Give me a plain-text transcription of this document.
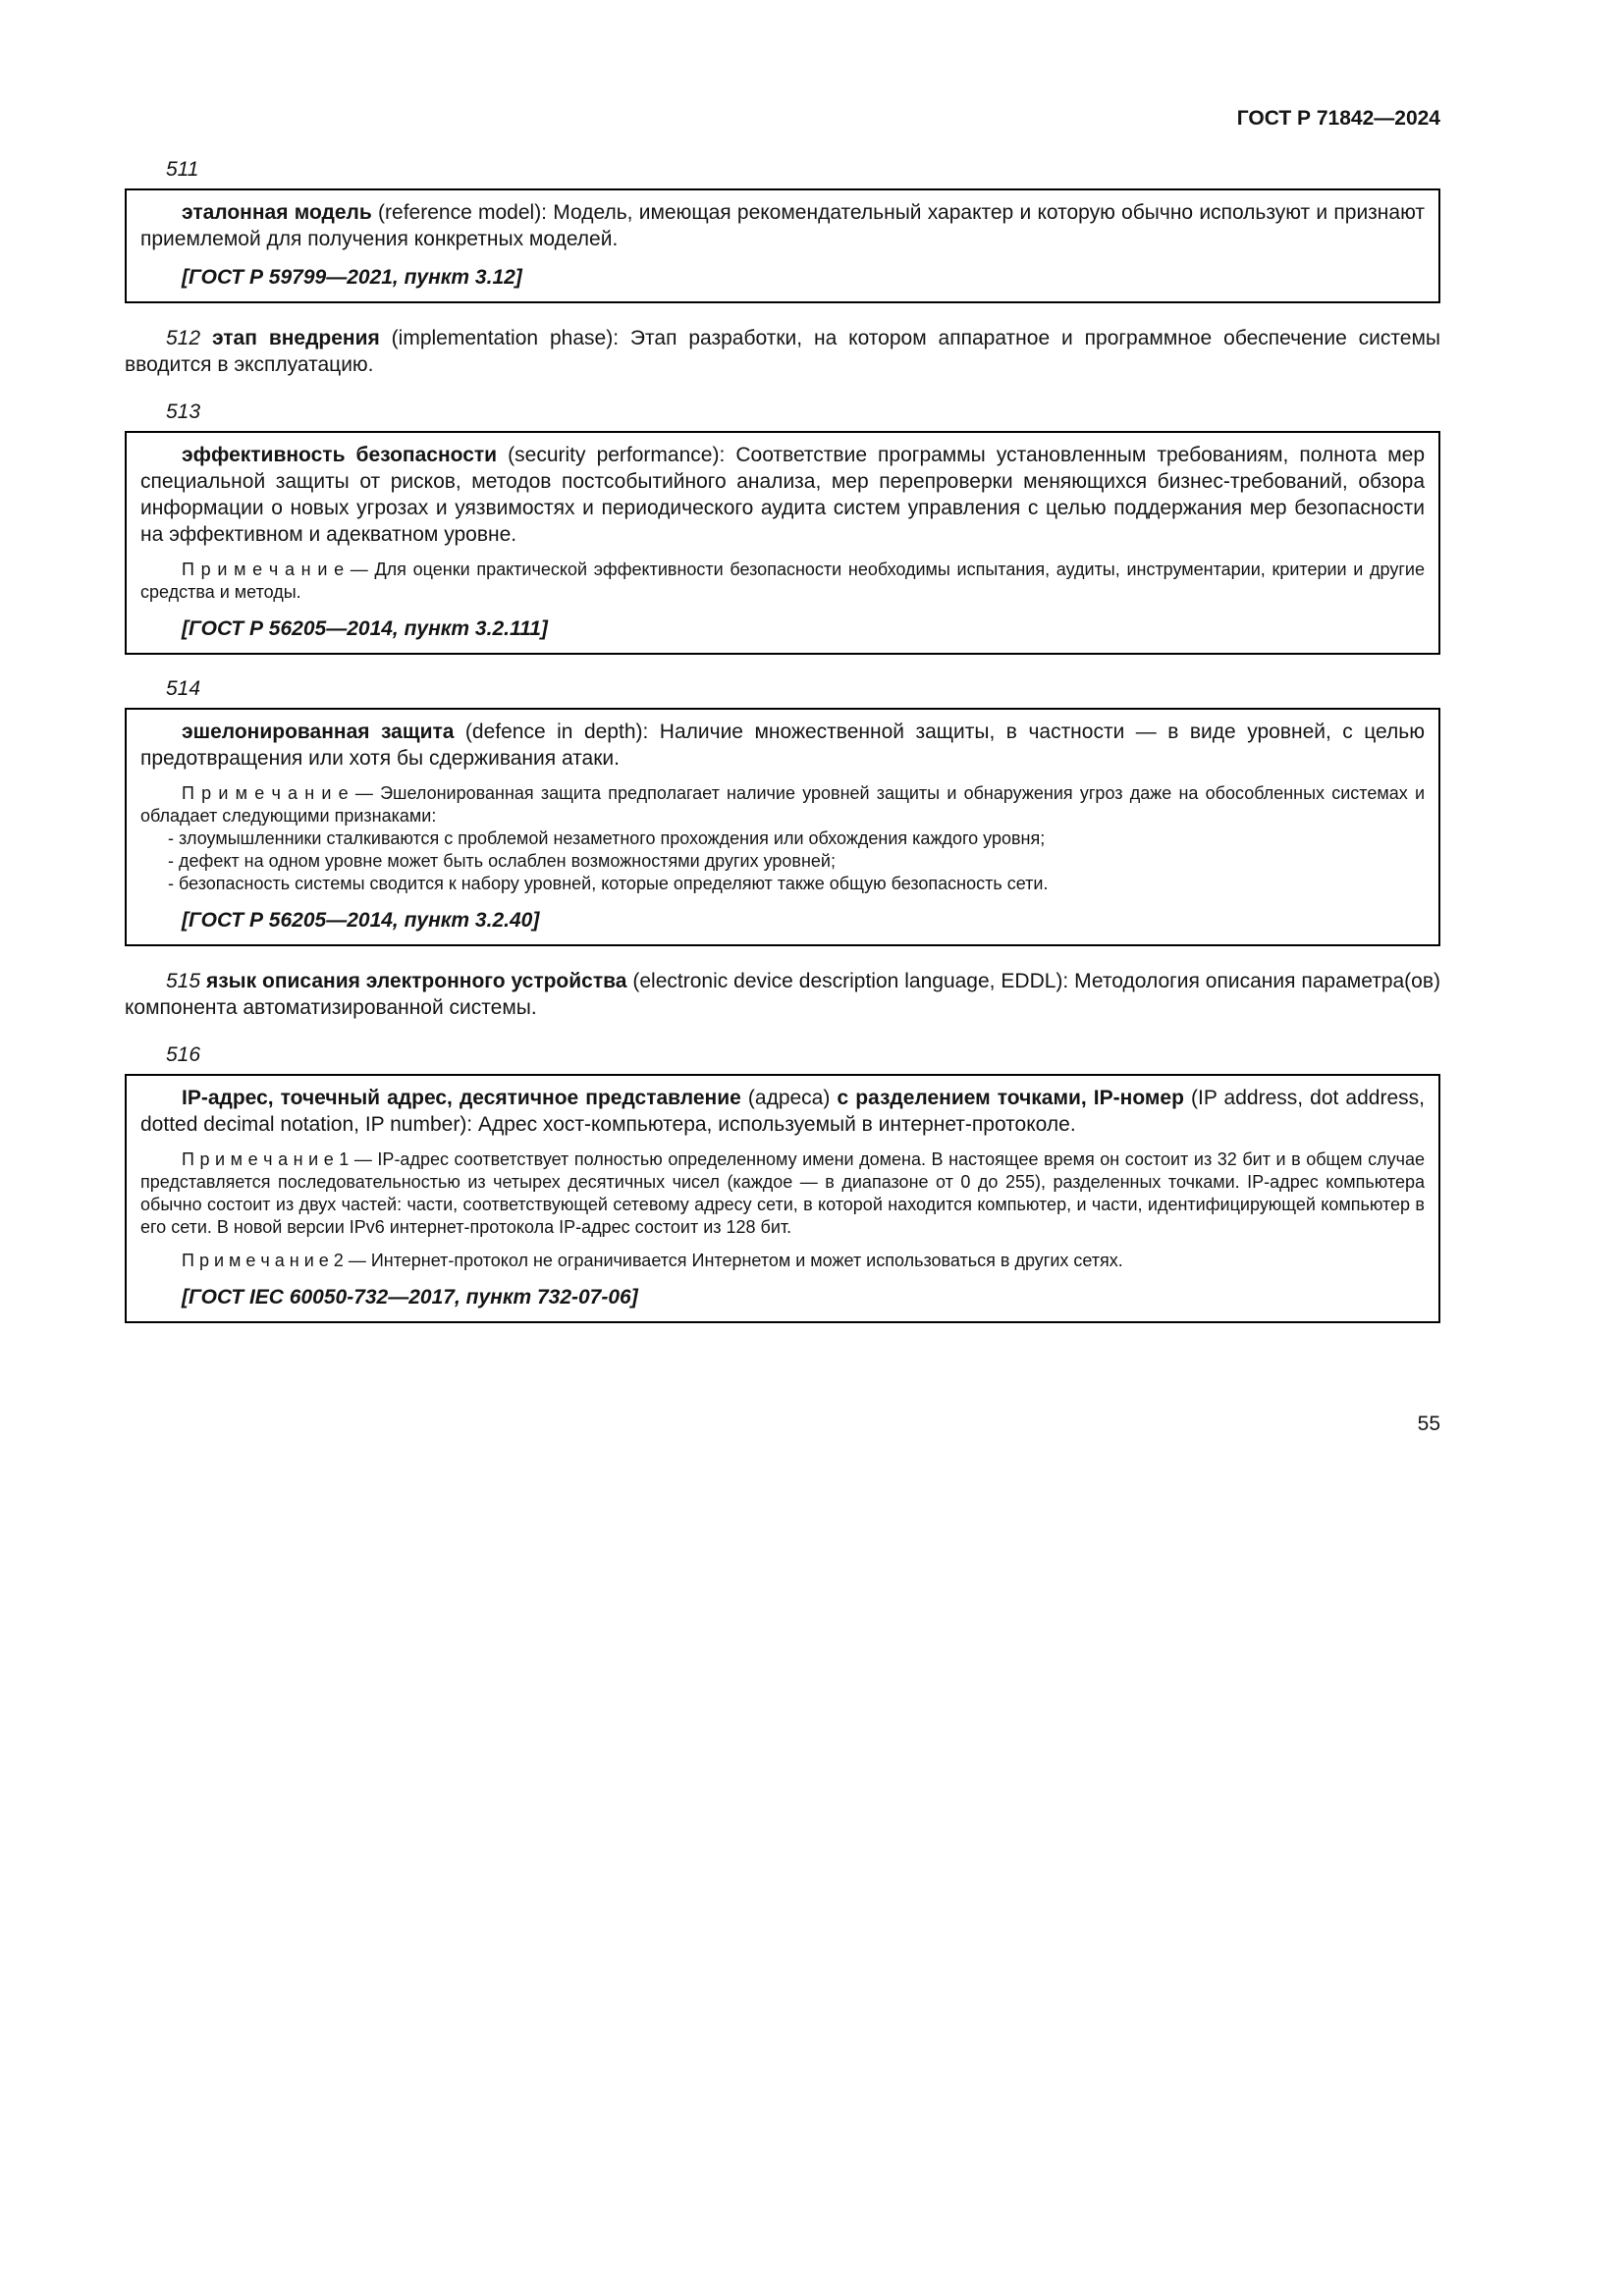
ГОСТ Р 71842—2024

511

эталонная модель (reference model): Модель, имеющая рекомендательный характер и которую обычно используют и признают приемлемой для получения конкретных моделей.

[ГОСТ Р 59799—2021, пункт 3.12]

512 этап внедрения (implementation phase): Этап разработки, на котором аппаратное и программное обеспечение системы вводится в эксплуатацию.

513

эффективность безопасности (security performance): Соответствие программы установленным требованиям, полнота мер специальной защиты от рисков, методов постсобытийного анализа, мер перепроверки меняющихся бизнес-требований, обзора информации о новых угрозах и уязвимостях и периодического аудита систем управления с целью поддержания мер безопасности на эффективном и адекватном уровне.

П р и м е ч а н и е — Для оценки практической эффективности безопасности необходимы испытания, аудиты, инструментарии, критерии и другие средства и методы.

[ГОСТ Р 56205—2014, пункт 3.2.111]

514

эшелонированная защита (defence in depth): Наличие множественной защиты, в частности — в виде уровней, с целью предотвращения или хотя бы сдерживания атаки.

П р и м е ч а н и е — Эшелонированная защита предполагает наличие уровней защиты и обнаружения угроз даже на обособленных системах и обладает следующими признаками:

- злоумышленники сталкиваются с проблемой незаметного прохождения или обхождения каждого уровня;

- дефект на одном уровне может быть ослаблен возможностями других уровней;

- безопасность системы сводится к набору уровней, которые определяют также общую безопасность сети.

[ГОСТ Р 56205—2014, пункт 3.2.40]

515 язык описания электронного устройства (electronic device description language, EDDL): Методология описания параметра(ов) компонента автоматизированной системы.

516

IP-адрес, точечный адрес, десятичное представление (адреса) с разделением точками, IP-номер (IP address, dot address, dotted decimal notation, IP number): Адрес хост-компьютера, используемый в интернет-протоколе.

П р и м е ч а н и е 1 — IP-адрес соответствует полностью определенному имени домена. В настоящее время он состоит из 32 бит и в общем случае представляется последовательностью из четырех десятичных чисел (каждое — в диапазоне от 0 до 255), разделенных точками. IP-адрес компьютера обычно состоит из двух частей: части, соответствующей сетевому адресу сети, в которой находится компьютер, и части, идентифицирующей компьютер в его сети. В новой версии IPv6 интернет-протокола IP-адрес состоит из 128 бит.

П р и м е ч а н и е 2 — Интернет-протокол не ограничивается Интернетом и может использоваться в других сетях.

[ГОСТ IEC 60050-732—2017, пункт 732-07-06]

55
